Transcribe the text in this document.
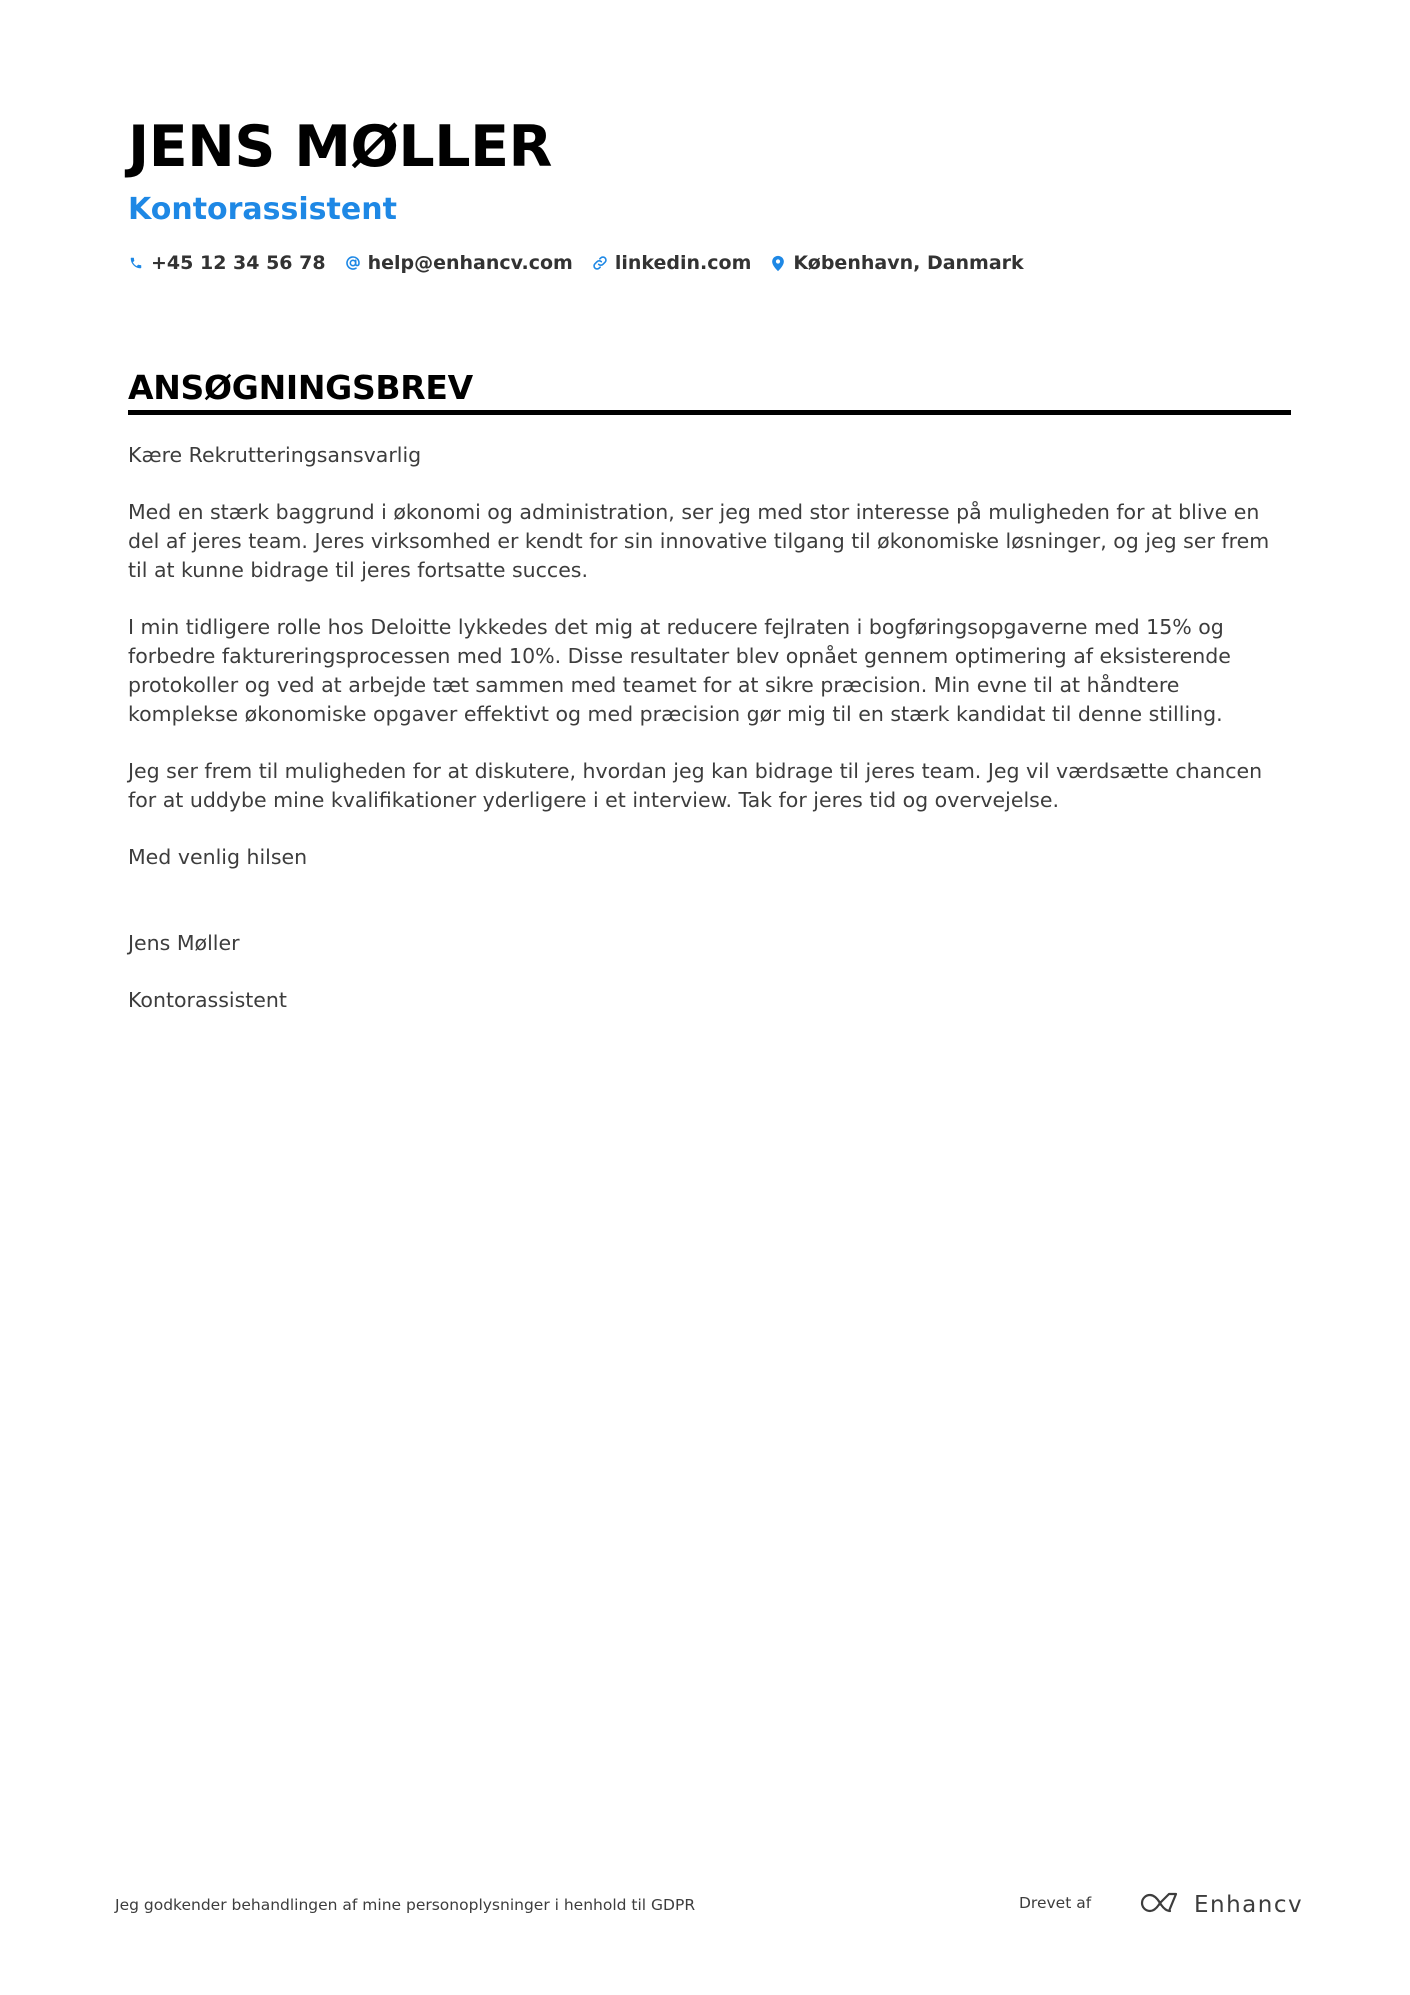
JENS MØLLER
Kontorassistent
+45 12 34 56 78 help@enhancv.com linkedin.com København, Danmark
ANSØGNINGSBREV

Kære Rekrutteringsansvarlig

Med en stærk baggrund i økonomi og administration, ser jeg med stor interesse på muligheden for at blive en del af jeres team. Jeres virksomhed er kendt for sin innovative tilgang til økonomiske løsninger, og jeg ser frem til at kunne bidrage til jeres fortsatte succes.

I min tidligere rolle hos Deloitte lykkedes det mig at reducere fejlraten i bogføringsopgaverne med 15% og forbedre faktureringsprocessen med 10%. Disse resultater blev opnået gennem optimering af eksisterende protokoller og ved at arbejde tæt sammen med teamet for at sikre præcision. Min evne til at håndtere komplekse økonomiske opgaver effektivt og med præcision gør mig til en stærk kandidat til denne stilling.

Jeg ser frem til muligheden for at diskutere, hvordan jeg kan bidrage til jeres team. Jeg vil værdsætte chancen for at uddybe mine kvalifikationer yderligere i et interview. Tak for jeres tid og overvejelse.

Med venlig hilsen

Jens Møller

Kontorassistent

Jeg godkender behandlingen af mine personoplysninger i henhold til GDPR	Drevet af	Enhancv
